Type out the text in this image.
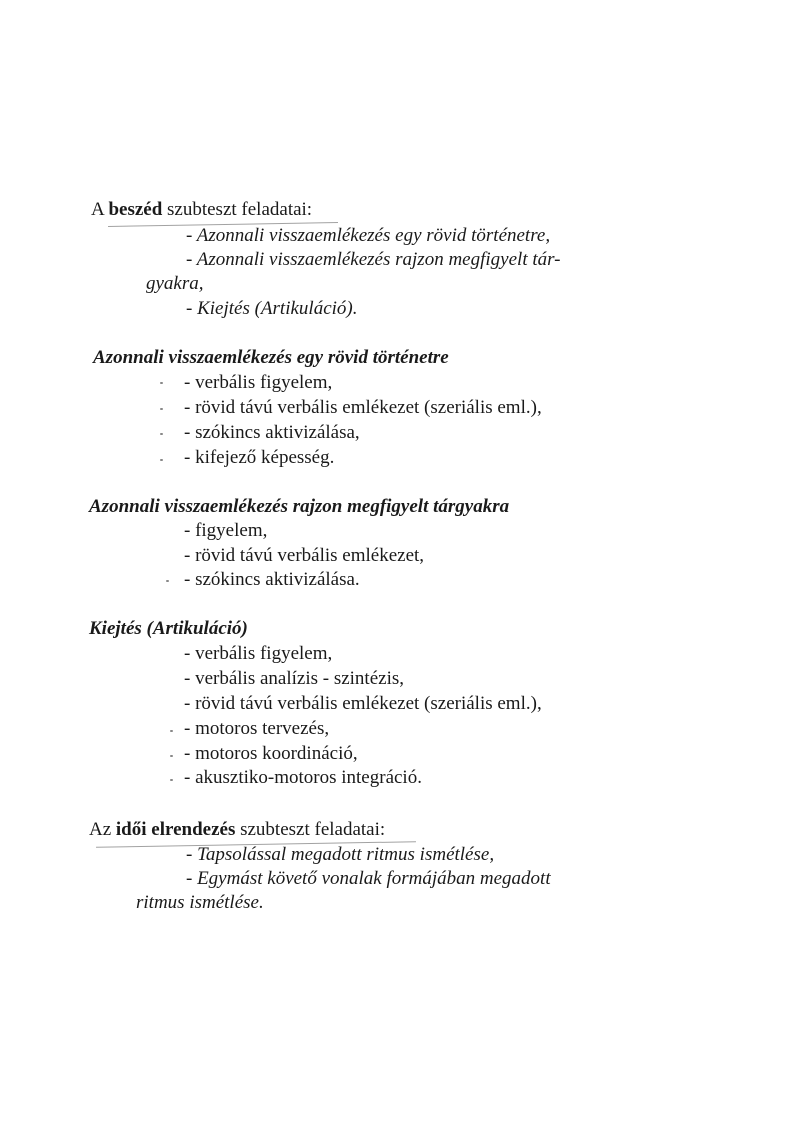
A beszéd szubteszt feladatai:
- Azonnali visszaemlékezés egy rövid történetre,
- Azonnali visszaemlékezés rajzon megfigyelt tár-
gyakra,
- Kiejtés (Artikuláció).
Azonnali visszaemlékezés egy rövid történetre
- verbális figyelem,
- rövid távú verbális emlékezet (szeriális eml.),
- szókincs aktivizálása,
- kifejező képesség.
Azonnali visszaemlékezés rajzon megfigyelt tárgyakra
- figyelem,
- rövid távú verbális emlékezet,
- szókincs aktivizálása.
Kiejtés (Artikuláció)
- verbális figyelem,
- verbális analízis - szintézis,
- rövid távú verbális emlékezet (szeriális eml.),
- motoros tervezés,
- motoros koordináció,
- akusztiko-motoros integráció.
Az idői elrendezés szubteszt feladatai:
- Tapsolással megadott ritmus ismétlése,
- Egymást követő vonalak formájában megadott
ritmus ismétlése.
